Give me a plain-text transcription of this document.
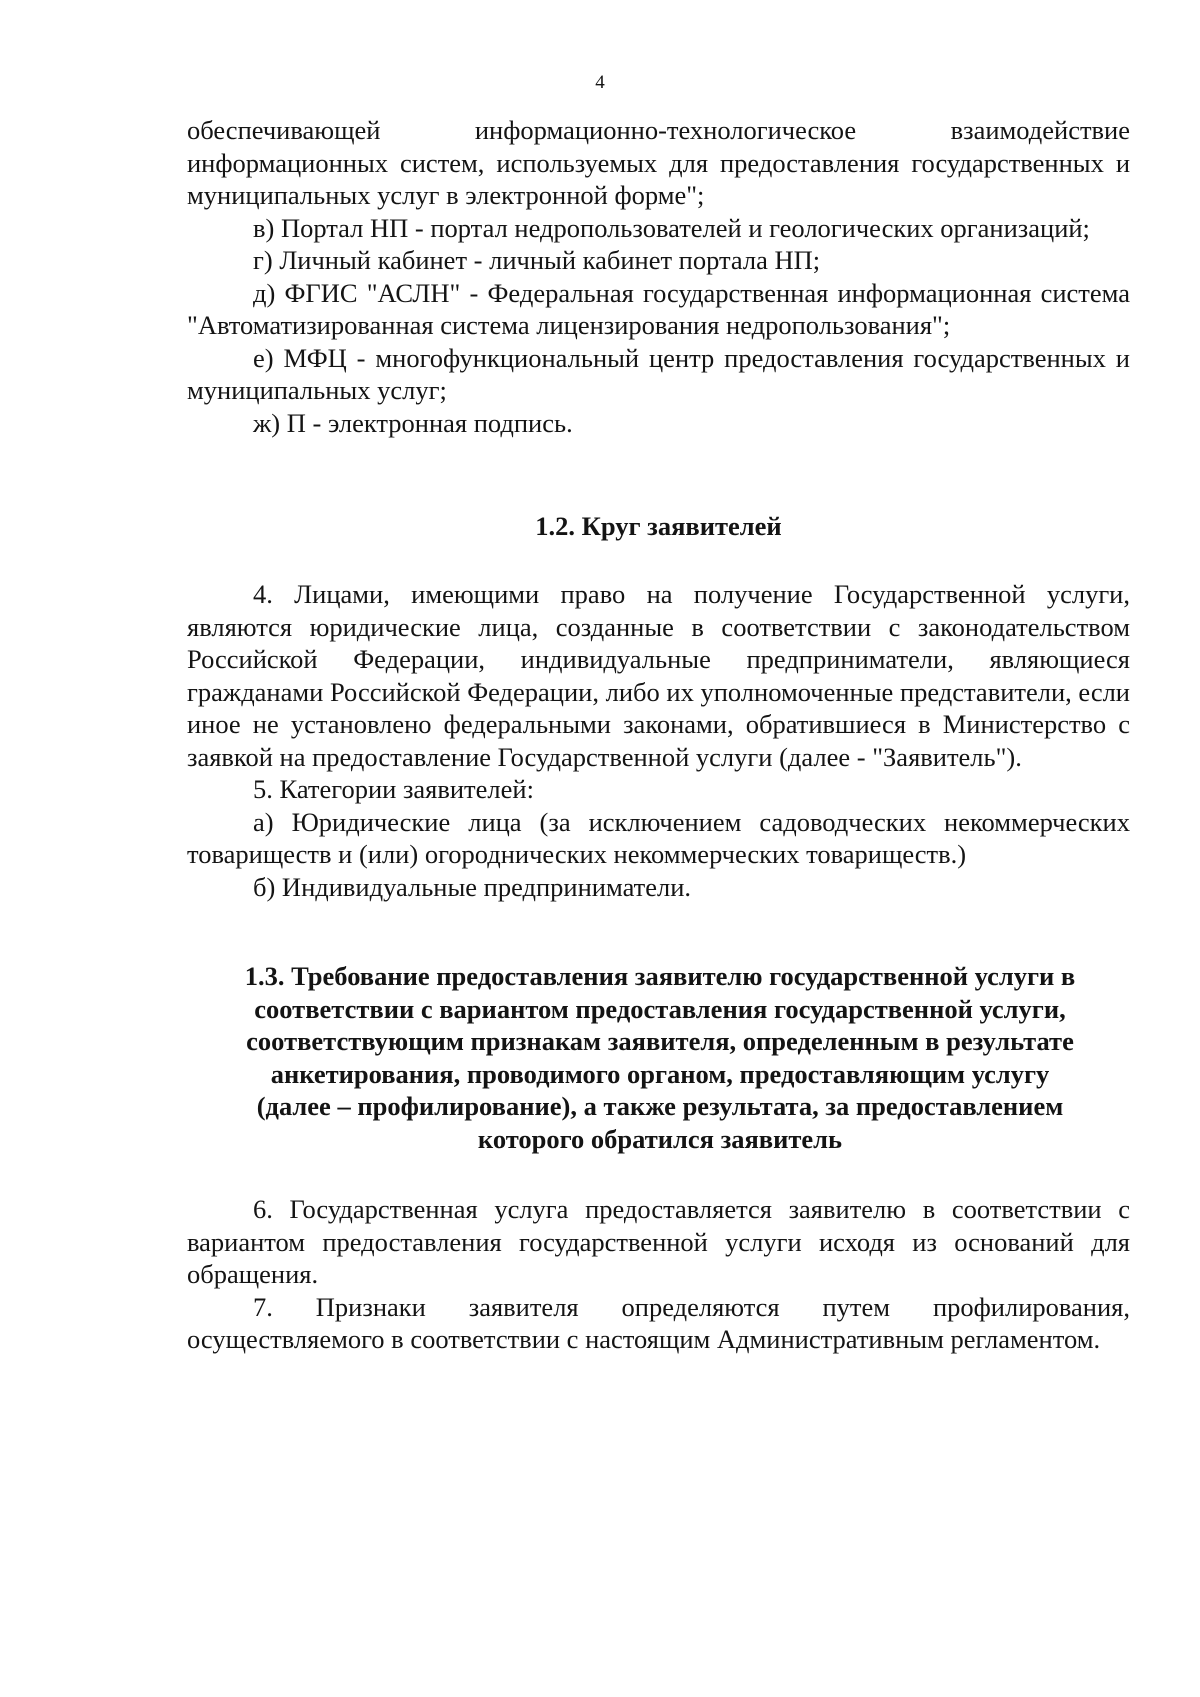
4

обеспечивающей информационно-технологическое взаимодействие информационных систем, используемых для предоставления государственных и муниципальных услуг в электронной форме";

в) Портал НП - портал недропользователей и геологических организаций;

г) Личный кабинет - личный кабинет портала НП;

д) ФГИС "АСЛН" - Федеральная государственная информационная система "Автоматизированная система лицензирования недропользования";

е) МФЦ - многофункциональный центр предоставления государственных и муниципальных услуг;

ж) П - электронная подпись.

1.2. Круг заявителей

4. Лицами, имеющими право на получение Государственной услуги, являются юридические лица, созданные в соответствии с законодательством Российской Федерации, индивидуальные предприниматели, являющиеся гражданами Российской Федерации, либо их уполномоченные представители, если иное не установлено федеральными законами, обратившиеся в Министерство с заявкой на предоставление Государственной услуги (далее - "Заявитель").

5. Категории заявителей:

а) Юридические лица (за исключением садоводческих некоммерческих товариществ и (или) огороднических некоммерческих товариществ.)

б) Индивидуальные предприниматели.

1.3. Требование предоставления заявителю государственной услуги в
соответствии с вариантом предоставления государственной услуги,
соответствующим признакам заявителя, определенным в результате
анкетирования, проводимого органом, предоставляющим услугу
(далее – профилирование), а также результата, за предоставлением
которого обратился заявитель

6. Государственная услуга предоставляется заявителю в соответствии с вариантом предоставления государственной услуги исходя из оснований для обращения.

7. Признаки заявителя определяются путем профилирования, осуществляемого в соответствии с настоящим Административным регламентом.
